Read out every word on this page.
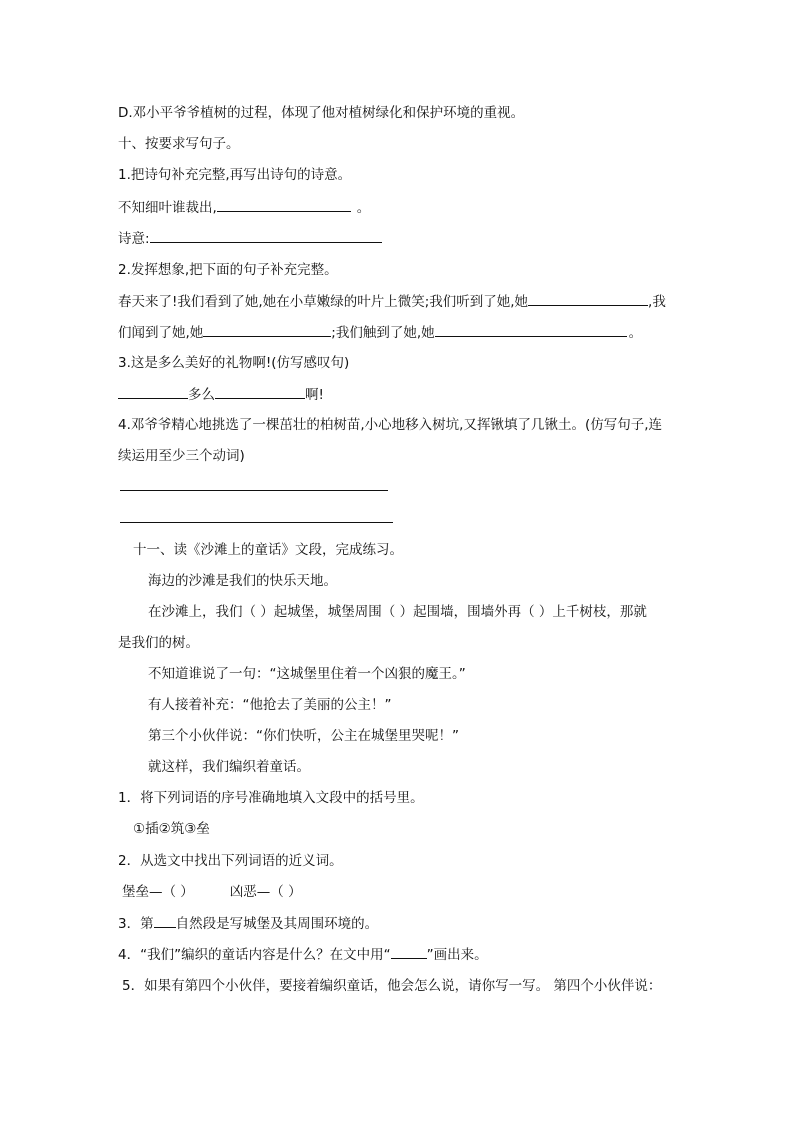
D.邓小平爷爷植树的过程，体现了他对植树绿化和保护环境的重视。
十、按要求写句子。
1.把诗句补充完整,再写出诗句的诗意。
不知细叶谁裁出,	。
诗意:
2.发挥想象,把下面的句子补充完整。
春天来了!我们看到了她,她在小草嫩绿的叶片上微笑;我们听到了她,她	,我
们闻到了她,她	;我们触到了她,她	。
3.这是多么美好的礼物啊!(仿写感叹句)
多么	啊!
4.邓爷爷精心地挑选了一棵茁壮的柏树苗,小心地移入树坑,又挥锹填了几锹土。(仿写句子,连
续运用至少三个动词)
十一、读《沙滩上的童话》文段，完成练习。
海边的沙滩是我们的快乐天地。
在沙滩上，我们（ ）起城堡，城堡周围（ ）起围墙，围墙外再（ ）上千树枝，那就
是我们的树。
不知道谁说了一句：“这城堡里住着一个凶狠的魔王。”
有人接着补充：“他抢去了美丽的公主！”
第三个小伙伴说：“你们快听，公主在城堡里哭呢！”
就这样，我们编织着童话。
1．将下列词语的序号准确地填入文段中的括号里。
①插②筑③垒
2．从选文中找出下列词语的近义词。
堡垒—（ ）	凶恶—（ ）
3．第 自然段是写城堡及其周围环境的。
4．“我们”编织的童话内容是什么？在文中用“	”画出来。
5．如果有第四个小伙伴，要接着编织童话，他会怎么说，请你写一写。 第四个小伙伴说：
